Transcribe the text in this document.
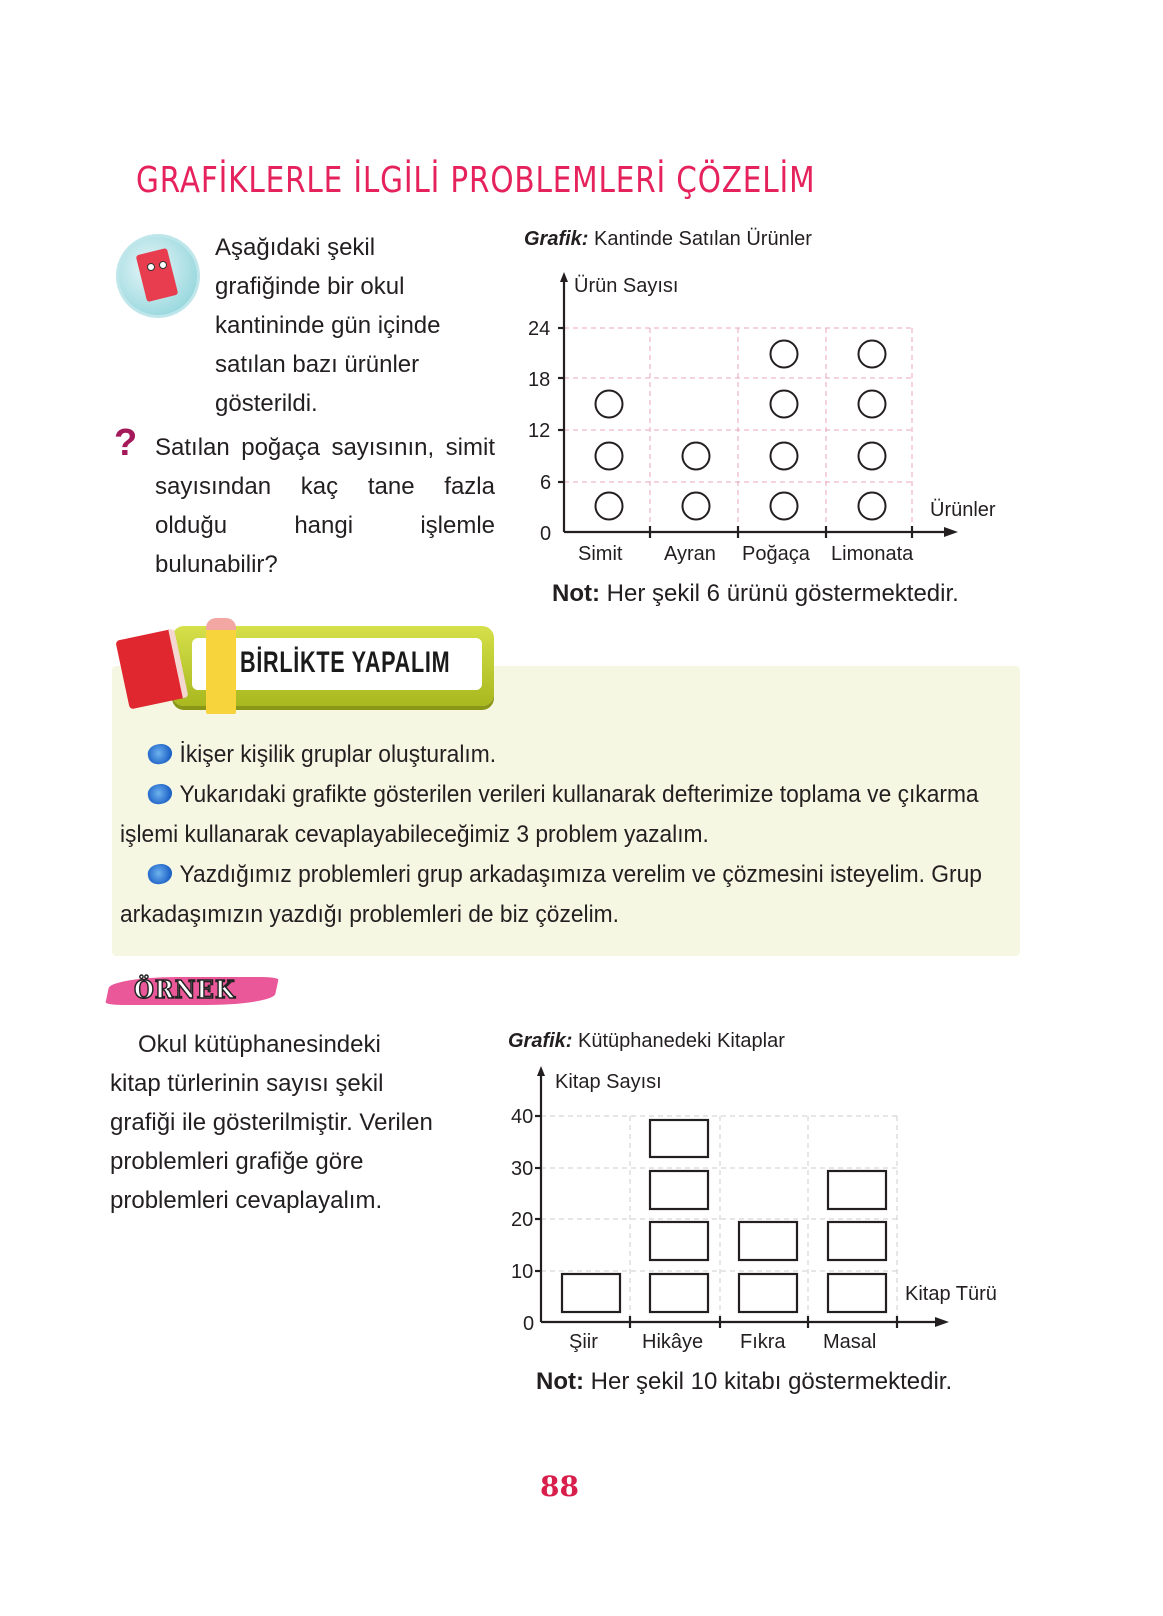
GRAFİKLERLE İLGİLİ PROBLEMLERİ ÇÖZELİM
Aşağıdaki şekil
grafiğinde bir okul
kantininde gün içinde
satılan bazı ürünler
gösterildi.
? Satılan poğaça sayısının, simit sayısından kaç tane fazla olduğu hangi işlemle bulunabilir?
Grafik: Kantinde Satılan Ürünler
Ürün Sayısı
Ürünler
0
6
12
18
24
Simit Ayran Poğaça Limonata
Not: Her şekil 6 ürünü göstermektedir.
BİRLİKTE YAPALIM

İkişer kişilik gruplar oluşturalım.

Yukarıdaki grafikte gösterilen verileri kullanarak defterimize toplama ve çıkarma işlemi kullanarak cevaplayabileceğimiz 3 problem yazalım.

Yazdığımız problemleri grup arkadaşımıza verelim ve çözmesini isteyelim. Grup arkadaşımızın yazdığı problemleri de biz çözelim.

ÖRNEK
Okul kütüphanesindeki
kitap türlerinin sayısı şekil
grafiği ile gösterilmiştir. Verilen
problemleri grafiğe göre
problemleri cevaplayalım.
Grafik: Kütüphanedeki Kitaplar
Kitap Sayısı
Kitap Türü
0
10
20
30
40
Şiir Hikâye Fıkra Masal
Not: Her şekil 10 kitabı göstermektedir.
88
